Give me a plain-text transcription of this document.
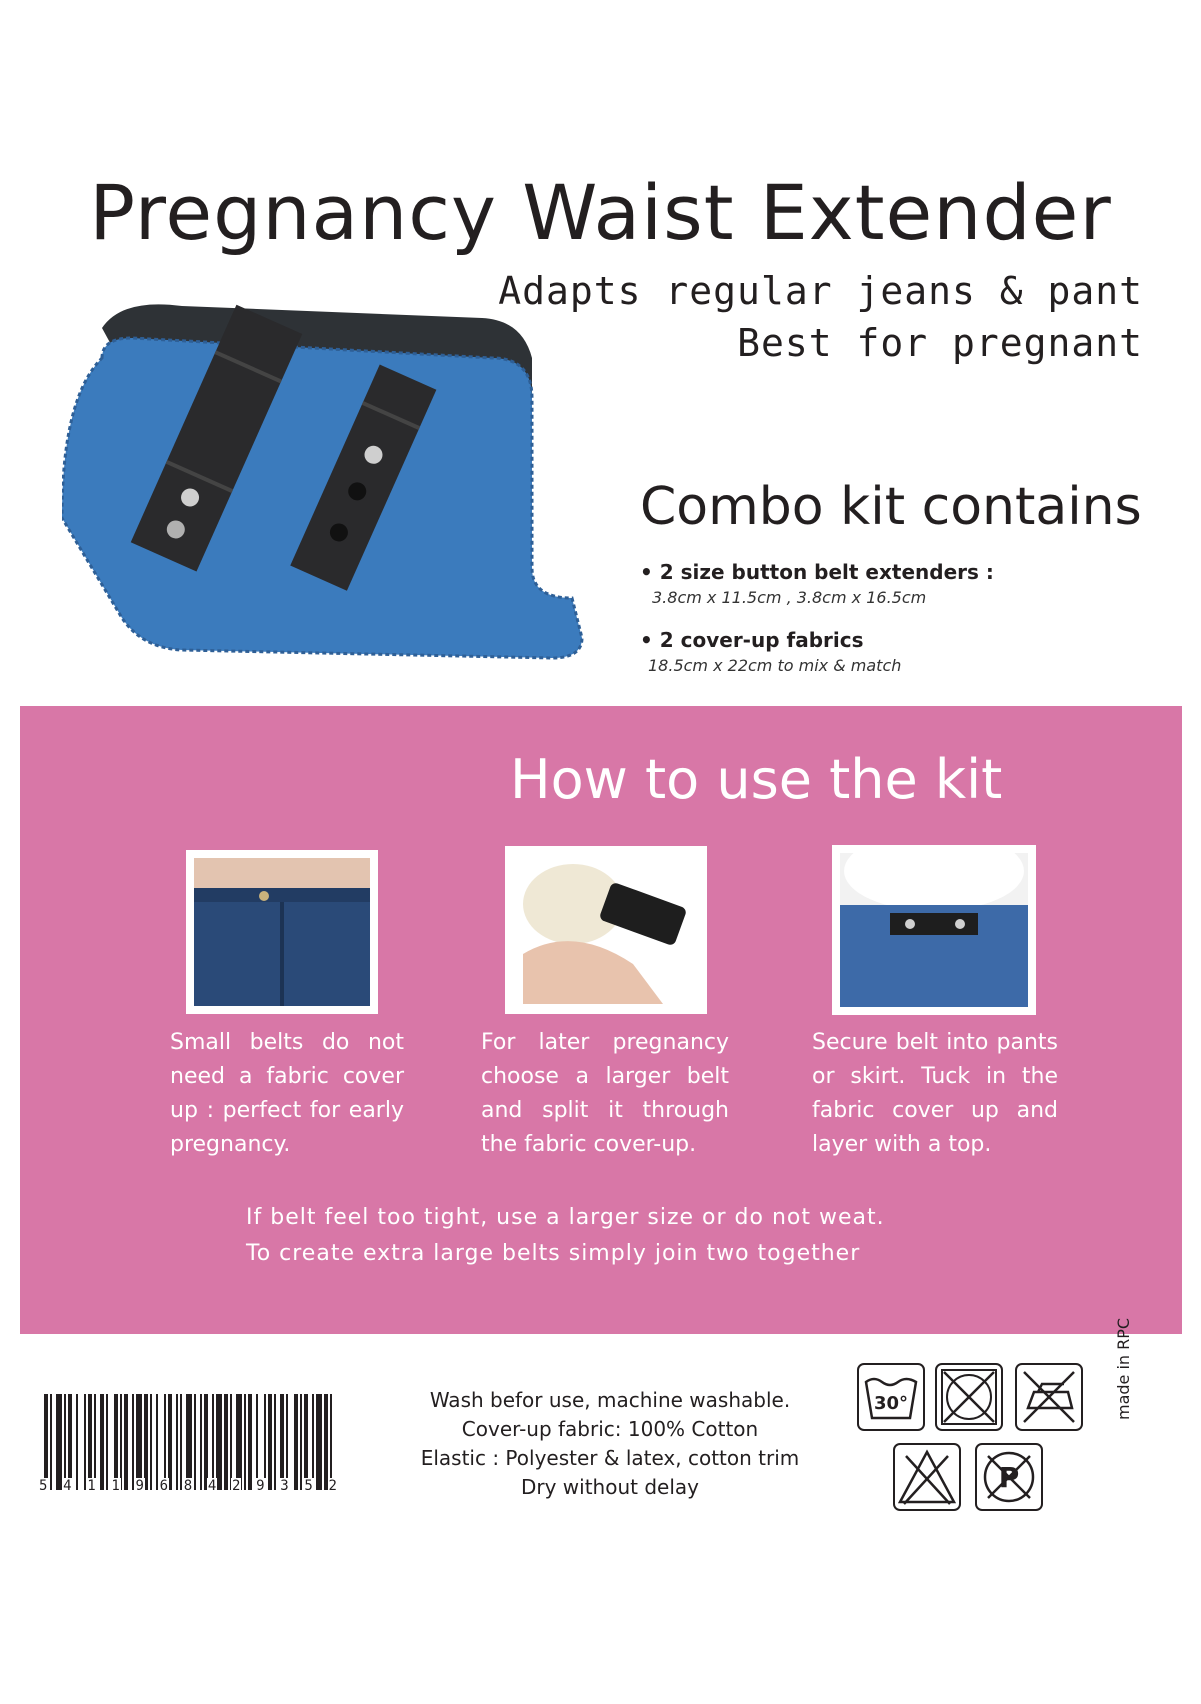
Pregnancy Waist Extender
Adapts regular jeans & pant
Best for pregnant
Combo kit contains
• 2 size button belt extenders :
3.8cm x 11.5cm , 3.8cm x 16.5cm
• 2 cover-up fabrics
18.5cm x 22cm to mix & match
How to use the kit
Small belts do not need a fabric cover up : perfect for early pregnancy.
For later pregnancy choose a larger belt and split it through the fabric cover-up.
Secure belt into pants or skirt. Tuck in the fabric cover up and layer with a top.
If belt feel too tight, use a larger size or do not weat.
To create extra large belts simply join two together
5 4 1 1 9 6 8 4 2 9 3 5 2
Wash befor use, machine washable.
Cover-up fabric: 100% Cotton
Elastic : Polyester & latex, cotton trim
Dry without delay
30°
P
made in RPC
